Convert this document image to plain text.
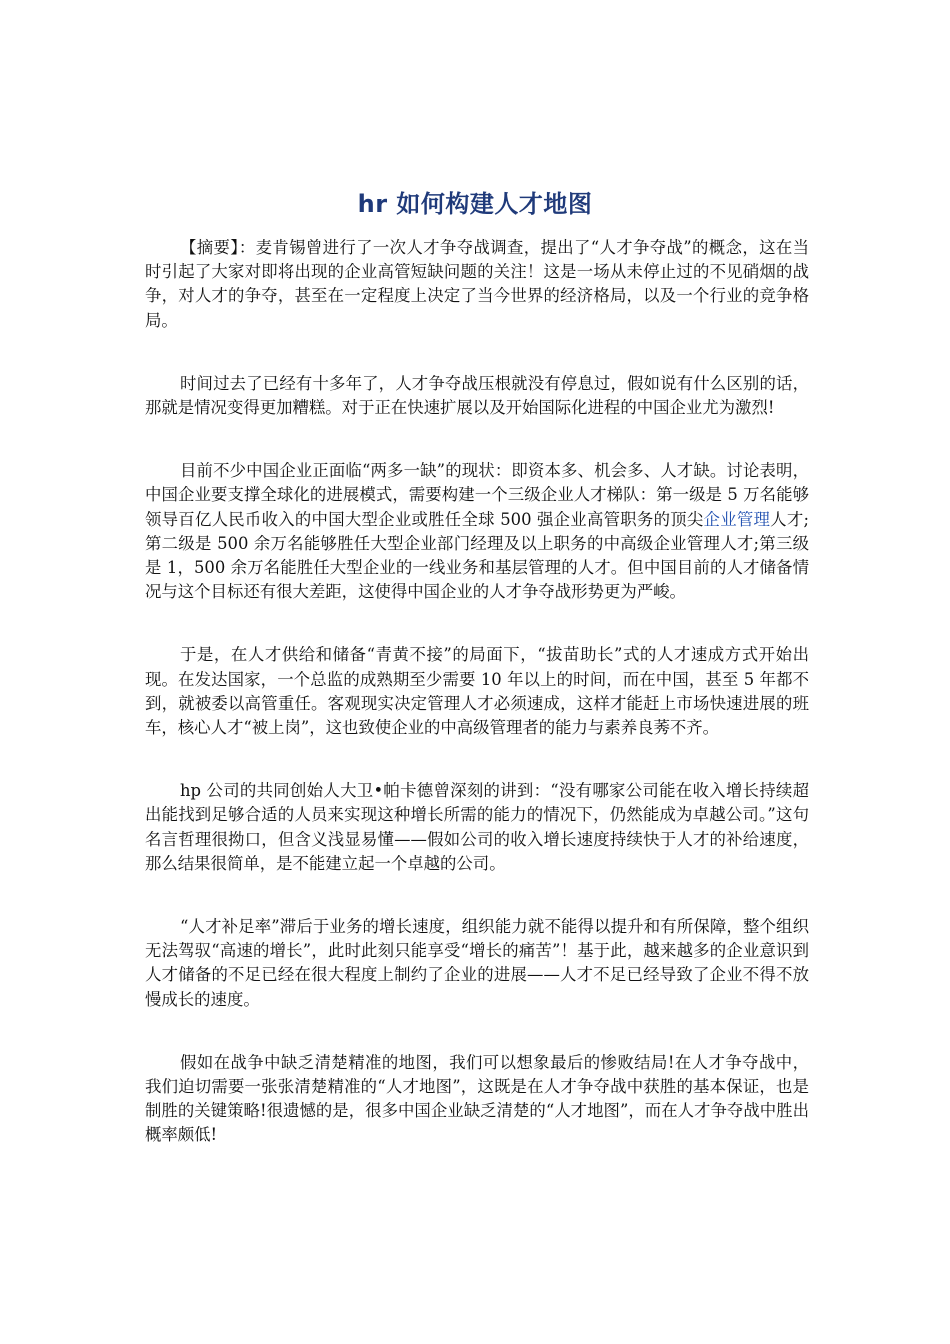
hr 如何构建人才地图

【摘要】：麦肯锡曾进行了一次人才争夺战调查，提出了“人才争夺战”的概念，这在当时引起了大家对即将出现的企业高管短缺问题的关注！这是一场从未停止过的不见硝烟的战争，对人才的争夺，甚至在一定程度上决定了当今世界的经济格局，以及一个行业的竞争格局。

时间过去了已经有十多年了，人才争夺战压根就没有停息过，假如说有什么区别的话，那就是情况变得更加糟糕。对于正在快速扩展以及开始国际化进程的中国企业尤为激烈!

目前不少中国企业正面临“两多一缺”的现状：即资本多、机会多、人才缺。讨论表明，中国企业要支撑全球化的进展模式，需要构建一个三级企业人才梯队：第一级是 5 万名能够领导百亿人民币收入的中国大型企业或胜任全球 500 强企业高管职务的顶尖企业管理人才;第二级是 500 余万名能够胜任大型企业部门经理及以上职务的中高级企业管理人才;第三级是 1，500 余万名能胜任大型企业的一线业务和基层管理的人才。但中国目前的人才储备情况与这个目标还有很大差距，这使得中国企业的人才争夺战形势更为严峻。

于是，在人才供给和储备“青黄不接”的局面下，“拔苗助长”式的人才速成方式开始出现。在发达国家，一个总监的成熟期至少需要 10 年以上的时间，而在中国，甚至 5 年都不到，就被委以高管重任。客观现实决定管理人才必须速成，这样才能赶上市场快速进展的班车，核心人才“被上岗”，这也致使企业的中高级管理者的能力与素养良莠不齐。

hp 公司的共同创始人大卫•帕卡德曾深刻的讲到：“没有哪家公司能在收入增长持续超出能找到足够合适的人员来实现这种增长所需的能力的情况下，仍然能成为卓越公司。”这句名言哲理很拗口，但含义浅显易懂——假如公司的收入增长速度持续快于人才的补给速度，那么结果很简单，是不能建立起一个卓越的公司。

“人才补足率”滞后于业务的增长速度，组织能力就不能得以提升和有所保障，整个组织无法驾驭“高速的增长”，此时此刻只能享受“增长的痛苦”！基于此，越来越多的企业意识到人才储备的不足已经在很大程度上制约了企业的进展——人才不足已经导致了企业不得不放慢成长的速度。

假如在战争中缺乏清楚精准的地图，我们可以想象最后的惨败结局!在人才争夺战中，我们迫切需要一张张清楚精准的“人才地图”，这既是在人才争夺战中获胜的基本保证，也是制胜的关键策略!很遗憾的是，很多中国企业缺乏清楚的“人才地图”，而在人才争夺战中胜出概率颇低!
